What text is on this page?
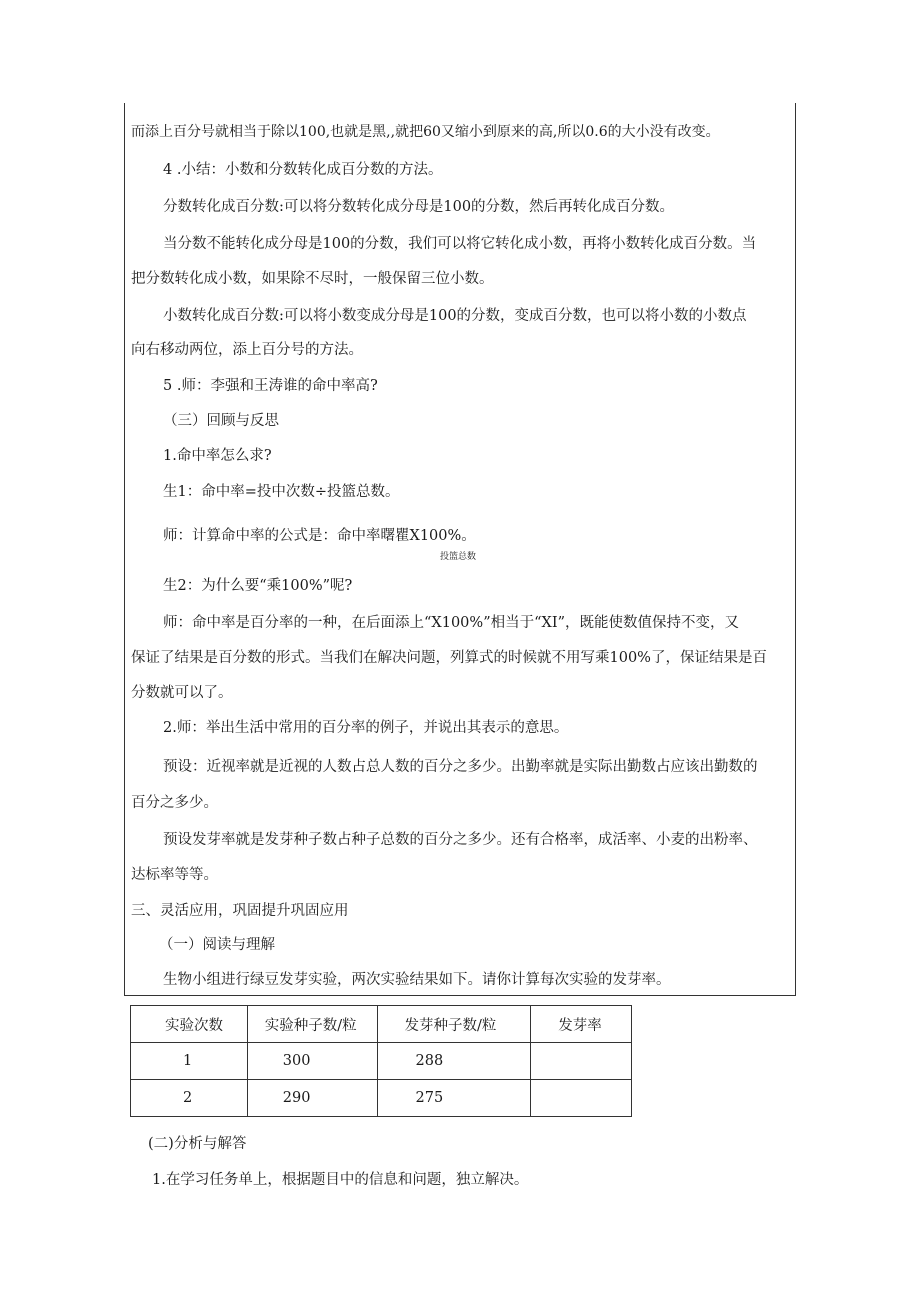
而添上百分号就相当于除以100,也就是黑,,就把60又缩小到原来的高,所以0.6的大小没有改变。
4 .小结：小数和分数转化成百分数的方法。
分数转化成百分数:可以将分数转化成分母是100的分数，然后再转化成百分数。
当分数不能转化成分母是100的分数，我们可以将它转化成小数，再将小数转化成百分数。当
把分数转化成小数，如果除不尽时，一般保留三位小数。
小数转化成百分数:可以将小数变成分母是100的分数，变成百分数，也可以将小数的小数点
向右移动两位，添上百分号的方法。
5 .师：李强和王涛谁的命中率高?
（三）回顾与反思
1.命中率怎么求?
生1：命中率=投中次数÷投篮总数。
师：计算命中率的公式是：命中率曙瞿X100%。
投篮总数
生2：为什么要“乘100%”呢?
师：命中率是百分率的一种，在后面添上“X100%”相当于“XI”，既能使数值保持不变，又
保证了结果是百分数的形式。当我们在解决问题，列算式的时候就不用写乘100%了，保证结果是百
分数就可以了。
2.师：举出生活中常用的百分率的例子，并说出其表示的意思。
预设：近视率就是近视的人数占总人数的百分之多少。出勤率就是实际出勤数占应该出勤数的
百分之多少。
预设发芽率就是发芽种子数占种子总数的百分之多少。还有合格率，成活率、小麦的出粉率、
达标率等等。
三、灵活应用，巩固提升巩固应用
（一）阅读与理解
生物小组进行绿豆发芽实验，两次实验结果如下。请你计算每次实验的发芽率。
实验次数	实验种子数/粒	发芽种子数/粒	发芽率
1	300	288	
2	290	275	
(二)分析与解答
1.在学习任务单上，根据题目中的信息和问题，独立解决。
